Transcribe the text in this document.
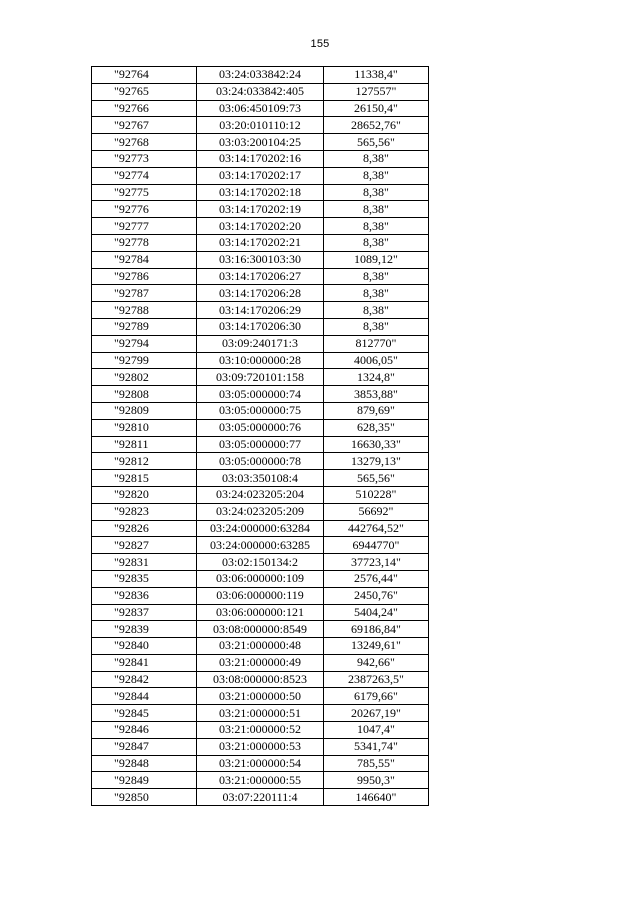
155
"92764	03:24:033842:24	11338,4"
"92765	03:24:033842:405	127557"
"92766	03:06:450109:73	26150,4"
"92767	03:20:010110:12	28652,76"
"92768	03:03:200104:25	565,56"
"92773	03:14:170202:16	8,38"
"92774	03:14:170202:17	8,38"
"92775	03:14:170202:18	8,38"
"92776	03:14:170202:19	8,38"
"92777	03:14:170202:20	8,38"
"92778	03:14:170202:21	8,38"
"92784	03:16:300103:30	1089,12"
"92786	03:14:170206:27	8,38"
"92787	03:14:170206:28	8,38"
"92788	03:14:170206:29	8,38"
"92789	03:14:170206:30	8,38"
"92794	03:09:240171:3	812770"
"92799	03:10:000000:28	4006,05"
"92802	03:09:720101:158	1324,8"
"92808	03:05:000000:74	3853,88"
"92809	03:05:000000:75	879,69"
"92810	03:05:000000:76	628,35"
"92811	03:05:000000:77	16630,33"
"92812	03:05:000000:78	13279,13"
"92815	03:03:350108:4	565,56"
"92820	03:24:023205:204	510228"
"92823	03:24:023205:209	56692"
"92826	03:24:000000:63284	442764,52"
"92827	03:24:000000:63285	6944770"
"92831	03:02:150134:2	37723,14"
"92835	03:06:000000:109	2576,44"
"92836	03:06:000000:119	2450,76"
"92837	03:06:000000:121	5404,24"
"92839	03:08:000000:8549	69186,84"
"92840	03:21:000000:48	13249,61"
"92841	03:21:000000:49	942,66"
"92842	03:08:000000:8523	2387263,5"
"92844	03:21:000000:50	6179,66"
"92845	03:21:000000:51	20267,19"
"92846	03:21:000000:52	1047,4"
"92847	03:21:000000:53	5341,74"
"92848	03:21:000000:54	785,55"
"92849	03:21:000000:55	9950,3"
"92850	03:07:220111:4	146640"
